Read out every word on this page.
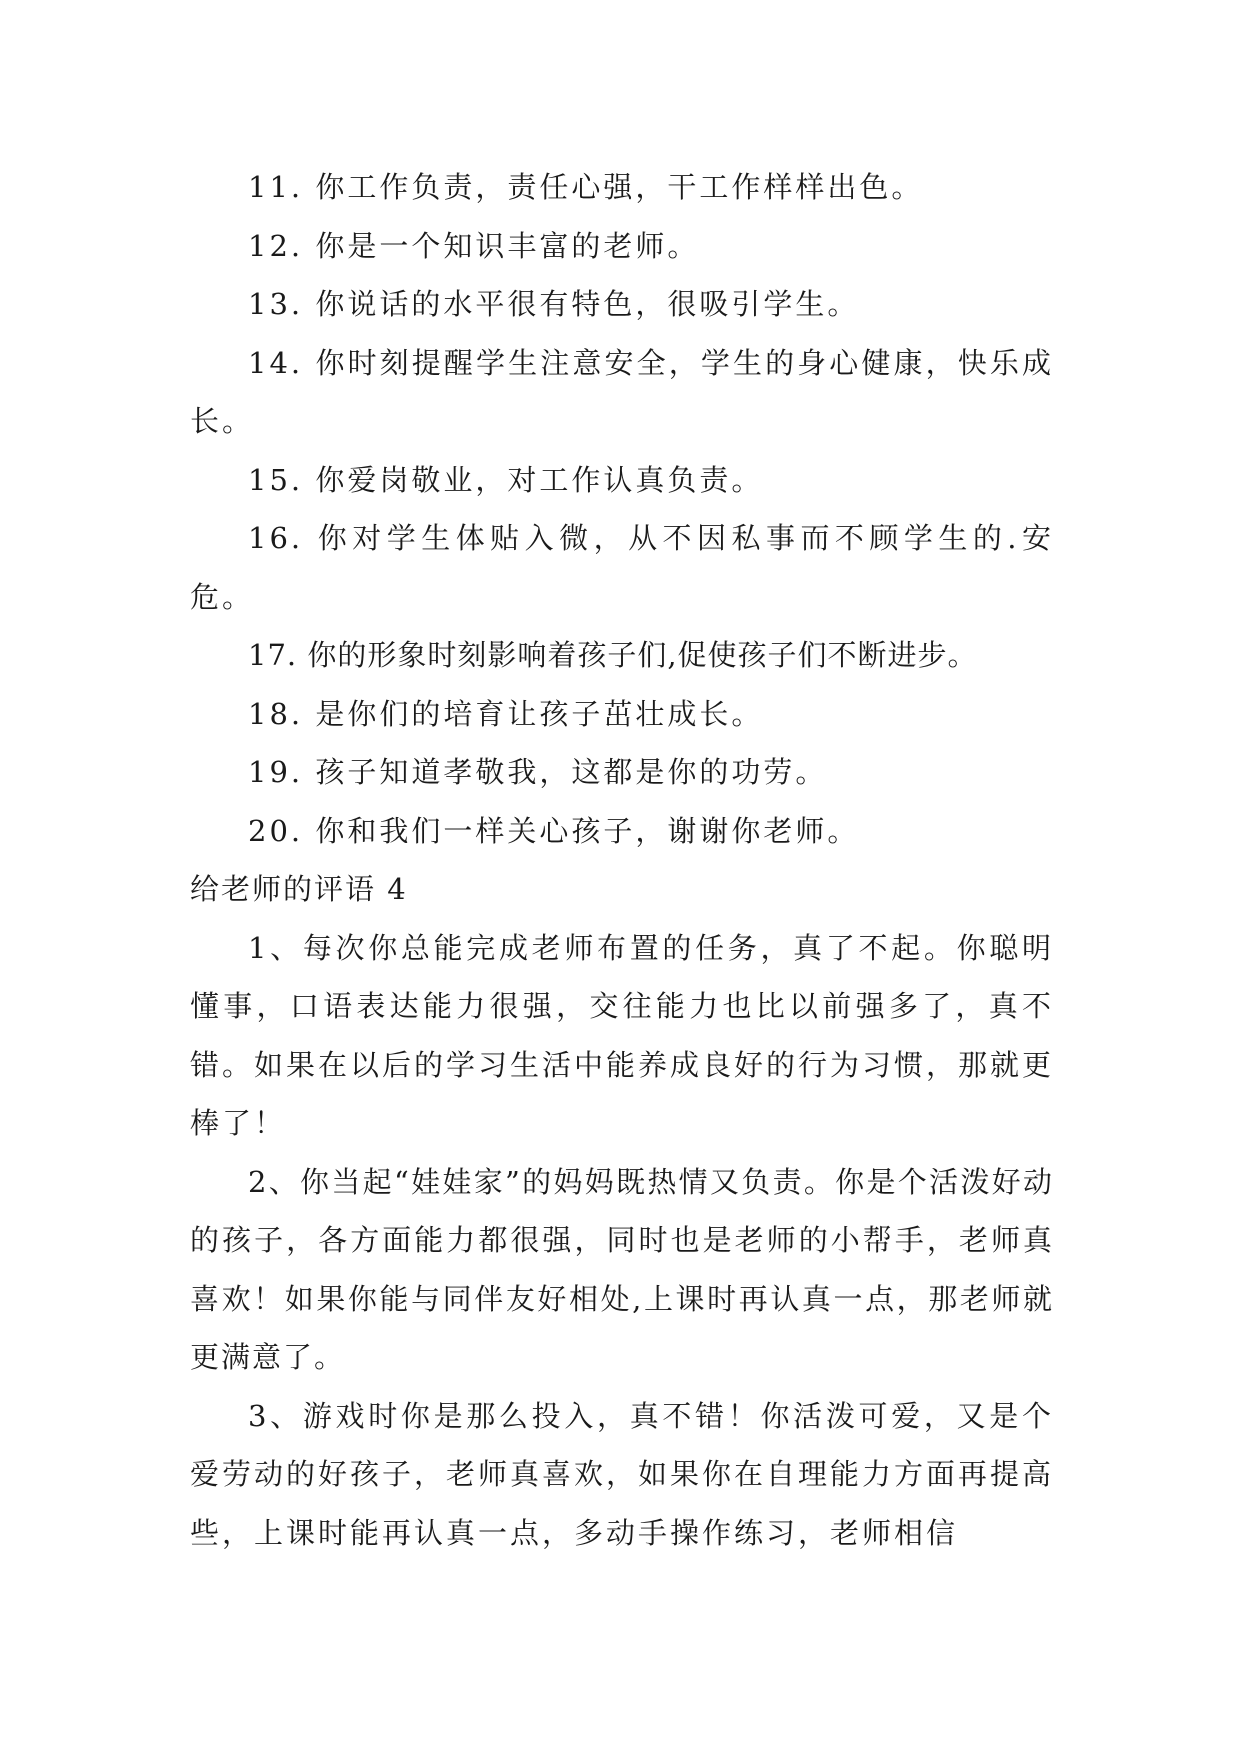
11. 你工作负责，责任心强，干工作样样出色。

12. 你是一个知识丰富的老师。

13. 你说话的水平很有特色，很吸引学生。

14. 你时刻提醒学生注意安全，学生的身心健康，快乐成长。

15. 你爱岗敬业，对工作认真负责。

16. 你对学生体贴入微，从不因私事而不顾学生的.安危。

17. 你的形象时刻影响着孩子们,促使孩子们不断进步。

18. 是你们的培育让孩子茁壮成长。

19. 孩子知道孝敬我，这都是你的功劳。

20. 你和我们一样关心孩子，谢谢你老师。

给老师的评语 4

1、每次你总能完成老师布置的任务，真了不起。你聪明懂事，口语表达能力很强，交往能力也比以前强多了，真不错。如果在以后的学习生活中能养成良好的行为习惯，那就更棒了！

2、你当起“娃娃家”的妈妈既热情又负责。你是个活泼好动的孩子，各方面能力都很强，同时也是老师的小帮手，老师真喜欢！如果你能与同伴友好相处,上课时再认真一点，那老师就更满意了。

3、游戏时你是那么投入，真不错！你活泼可爱，又是个爱劳动的好孩子，老师真喜欢，如果你在自理能力方面再提高些，上课时能再认真一点，多动手操作练习，老师相信
